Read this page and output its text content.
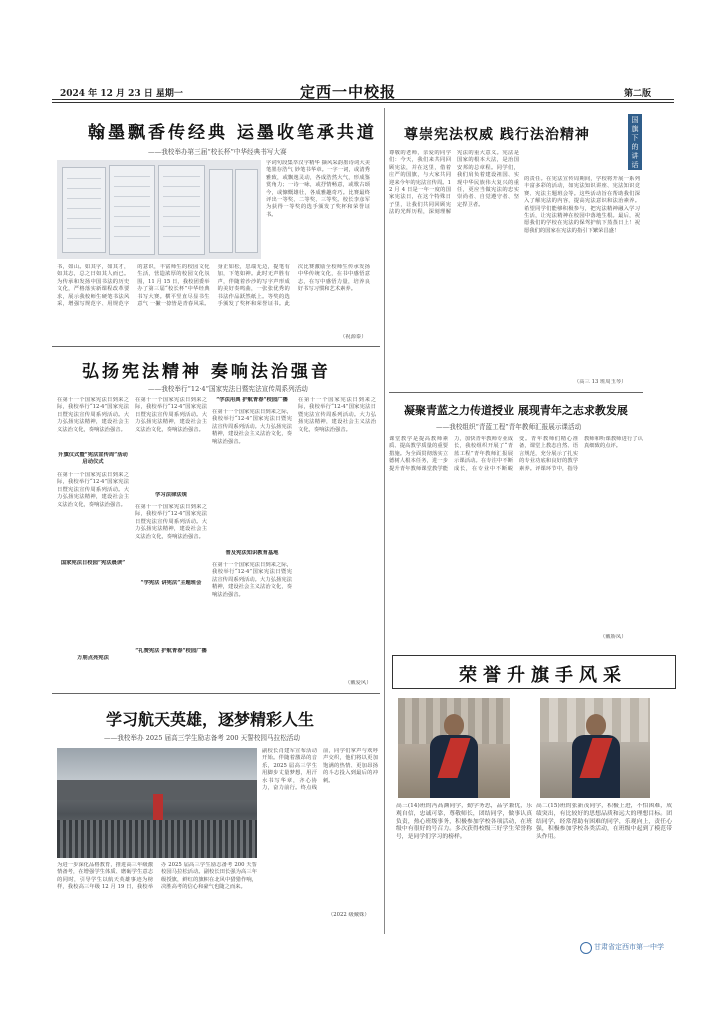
2024 年 12 月 23 日 星期一	定西一中校报	第二版
翰墨飘香传经典 运墨收笔承共道
——我校举办第三届“校长杯”中华经典书写大赛
字词句段集萃汉字精华 撷风采韵墨诗词大美笔墨存浩气 妙笔书华章。一字一词，或清秀雅致，或飘逸灵动，各成浩然大气，形成鉴赏角力；一诗一咏，或抒情畅意，或歌古颂今，或慷慨雄壮，各成雅趣奇巧。比赛最终评出一等奖、二等奖、三等奖。校长李彦军为获得一等奖的选手颁发了奖杯和荣誉证书。
书，如山。如其字，如其才，如其志，总之曰如其人而已。为传承和发扬中国书法的历史文化，严格落实新课程改革要求，展示我校师生硬笔书法风采，增强写规范字、用规范字的意识，丰富师生的校园文化生活，营造浓厚的校园文化氛围，11 月 15 日，我校团委举办了第三届“校长杯”中华经典书写大赛。横平竖直尽显书生意气 一撇一捺皆是青春风采。身正如松，思端无边，提笔有加，下笔如神。此时无声胜有声，伴随着沙沙的写字声形成的美好奏鸣曲，一张张优秀的书法作品跃然纸上。等奖的选手颁发了奖杯和荣誉证书。此次比赛激励全校师生传承发扬中华传统文化，在书中感悟意志，在写中感悟力量，培养良好书写习惯和艺术素养。
（祝源泰）
弘扬宪法精神 奏响法治强音
——我校举行“12·4”国家宪法日暨宪法宣传周系列活动
在第十一个国家宪法日到来之际，我校举行“12·4”国家宪法日暨宪法宣传周系列活动。大力弘扬宪法精神，建设社会主义法治文化，奏响法治强音。
升旗仪式暨“宪法宣传周”活动启动仪式
国家宪法日校园“宪法晨读”
万朋点亮宪法
学习法律法规
“学宪法 讲宪法”主题班会
“学法用典 护航青春”校园广播
“礼赞宪法 护航青春”校园广播
普及宪法知识教育基地
在第十一个国家宪法日到来之际，我校举行“12·4”国家宪法日暨宪法宣传周系列活动。大力弘扬宪法精神，建设社会主义法治文化，奏响法治强音。
在第十一个国家宪法日到来之际，我校举行“12·4”国家宪法日暨宪法宣传周系列活动。大力弘扬宪法精神，建设社会主义法治文化，奏响法治强音。
在第十一个国家宪法日到来之际，我校举行“12·4”国家宪法日暨宪法宣传周系列活动。大力弘扬宪法精神，建设社会主义法治文化，奏响法治强音。
在第十一个国家宪法日到来之际，我校举行“12·4”国家宪法日暨宪法宣传周系列活动。大力弘扬宪法精神，建设社会主义法治文化，奏响法治强音。
在第十一个国家宪法日到来之际，我校举行“12·4”国家宪法日暨宪法宣传周系列活动。大力弘扬宪法精神，建设社会主义法治文化，奏响法治强音。
在第十一个国家宪法日到来之际，我校举行“12·4”国家宪法日暨宪法宣传周系列活动。大力弘扬宪法精神，建设社会主义法治文化，奏响法治强音。
（戴爱风）
学习航天英雄，逐梦精彩人生
——我校举办 2025 届高三学生励志备考 200 天誓校园马拉松活动
为进一步深化品格教育，推进高三年级激情备考，在增强学生体质、磨砺学生意志的同时，引导学生以航天英雄事迹为榜样，我校高三年级 12 月 19 日，我校举办 2025 届高三学生励志备考 200 天誓校园马拉松活动。副校长田长强为高三年级授旗，鲜红的旗帜在北风中猎猎作响，决胜高考的信心和豪气也随之而来。
副校长肖建军宣布活动开始。伴随着激昂的音乐，2025 届高三学生用脚步丈量梦想，用汗水书写华章，齐心协力，奋力前行。终点线前，同学们掌声与欢呼声交织，他们将以更加饱满的热情、更加昂扬的斗志投入到最后的冲刺。
（2022 级戴姝）
尊崇宪法权威 践行法治精神
国旗下的讲话
尊敬的老师，亲爱的同学们：今天，我们来共同回顾宪法，并在这里，借着庄严的国旗，与大家共同迎来今年的宪法宣传周。12 月 4 日是一年一度的国家宪法日，在这个特殊日子里，让我们共同回顾宪法的光辉历程，深刻理解宪法的重大意义。宪法是国家的根本大法，是治国安邦的总章程。同学们，我们肩负着建设祖国、实现中华民族伟大复兴的重任，更应当做宪法的忠实崇尚者、自觉遵守者、坚定捍卫者。
的责任。在宪法宣传周期间，学校将开展一系列丰富多彩的活动，如宪法知识讲座、宪法知识竞赛、宪法主题班会等。这些活动旨在帮助我们深入了解宪法的内容，提高宪法意识和法治素养。希望同学们能够积极参与，把宪法精神融入学习生活，让宪法精神在校园中落地生根。最后，祝愿我们的学校在宪法的保驾护航下蒸蒸日上！祝愿我们的国家在宪法的指引下繁荣昌盛！
（高三 13 班周玉琴）
凝聚青蓝之力传道授业 展现青年之志求教发展
——我校组织“青蓝工程”青年教师汇报展示课活动
课堂教学是提高教师素质、提高教学质量的重要措施。为全面贯彻落实立德树人根本任务，进一步提升青年教师课堂教学能力，加快青年教师专业成长，我校组织开展了“青蓝工程”青年教师汇报展示课活动。在专注中不断成长，在专业中不断蜕变。青年教师们精心准备，课堂上教态自然、语言规范，充分展示了扎实的专业功底和良好的教学素养。评课环节中，指导教师和听课教师进行了认真细致的点评。
（戴娇凤）
荣誉升旗手风采
高三(14)班的冯高渊同学，勤学务思，品学兼优，乐观自信，忠诚可靠，尊敬师长，团结同学，做事认真负责，热心班级事务，积极参加学校各项活动，在班级中有很好的号召力。多次获得校级三好学生荣誉称号，是同学们学习的榜样。
高二(15)班的张新茂同学，积极上进，不怕困难，成绩突出，有比较好的思想品质和远大的理想目标。团结同学，经常帮助有困难的同学，乐观向上，责任心强，积极参加学校各类活动，在班级中起到了模范带头作用。
甘肃省定西市第一中学
